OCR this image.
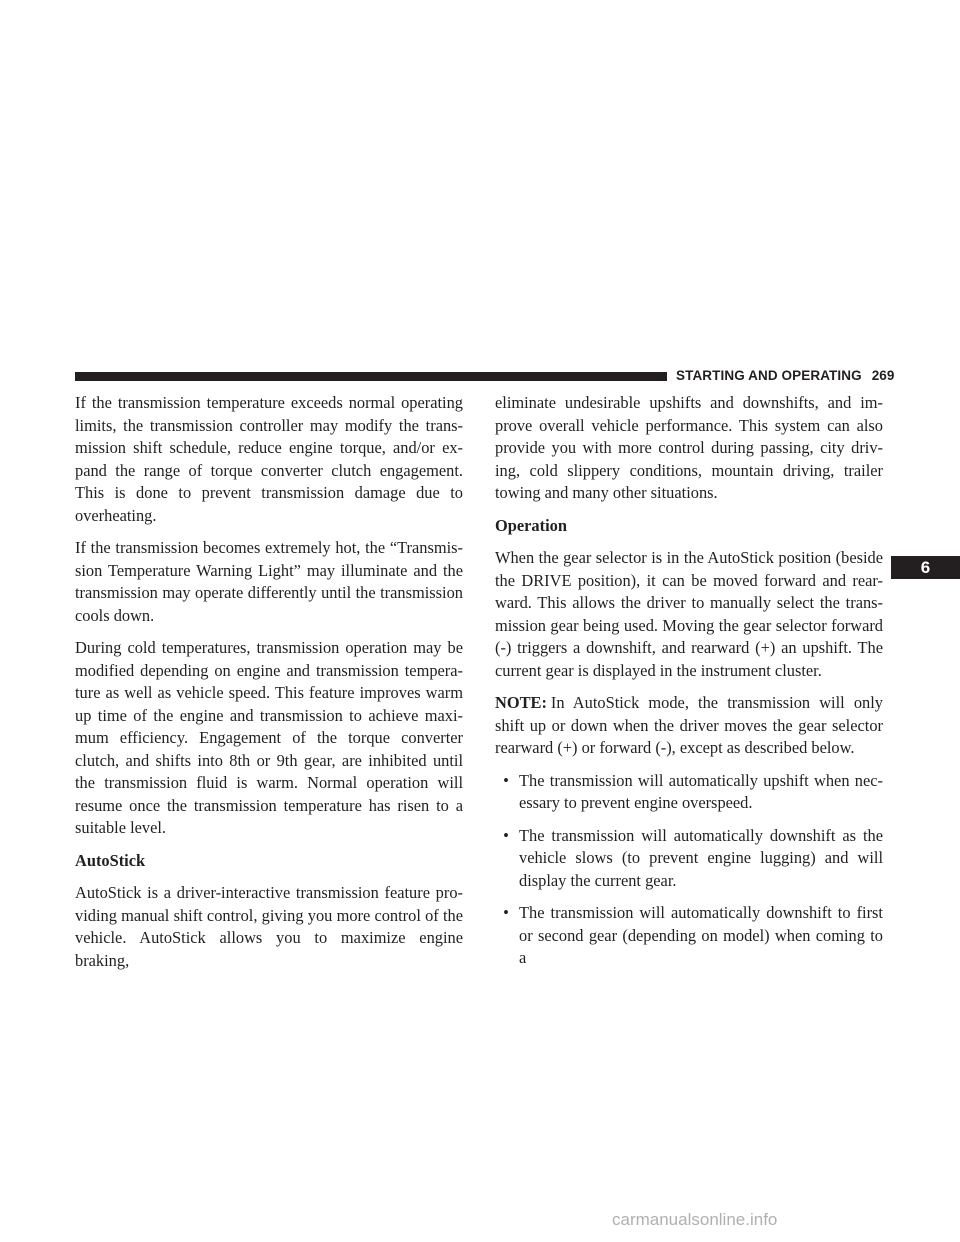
STARTING AND OPERATING 269

If the transmission temperature exceeds normal operating limits, the transmission controller may modify the trans- mission shift schedule, reduce engine torque, and/or ex- pand the range of torque converter clutch engagement. This is done to prevent transmission damage due to overheating.

If the transmission becomes extremely hot, the “Transmis- sion Temperature Warning Light” may illuminate and the transmission may operate differently until the transmission cools down.

During cold temperatures, transmission operation may be modified depending on engine and transmission tempera- ture as well as vehicle speed. This feature improves warm up time of the engine and transmission to achieve maxi- mum efficiency. Engagement of the torque converter clutch, and shifts into 8th or 9th gear, are inhibited until the transmission fluid is warm. Normal operation will resume once the transmission temperature has risen to a suitable level.

AutoStick

AutoStick is a driver-interactive transmission feature pro- viding manual shift control, giving you more control of the vehicle. AutoStick allows you to maximize engine braking,

eliminate undesirable upshifts and downshifts, and im- prove overall vehicle performance. This system can also provide you with more control during passing, city driv- ing, cold slippery conditions, mountain driving, trailer towing and many other situations.

Operation

When the gear selector is in the AutoStick position (beside the DRIVE position), it can be moved forward and rear- ward. This allows the driver to manually select the trans- mission gear being used. Moving the gear selector forward (-) triggers a downshift, and rearward (+) an upshift. The current gear is displayed in the instrument cluster.

NOTE: In AutoStick mode, the transmission will only shift up or down when the driver moves the gear selector rearward (+) or forward (-), except as described below.

• The transmission will automatically upshift when nec- essary to prevent engine overspeed.
• The transmission will automatically downshift as the vehicle slows (to prevent engine lugging) and will display the current gear.
• The transmission will automatically downshift to first or second gear (depending on model) when coming to a
6
carmanualsonline.info
